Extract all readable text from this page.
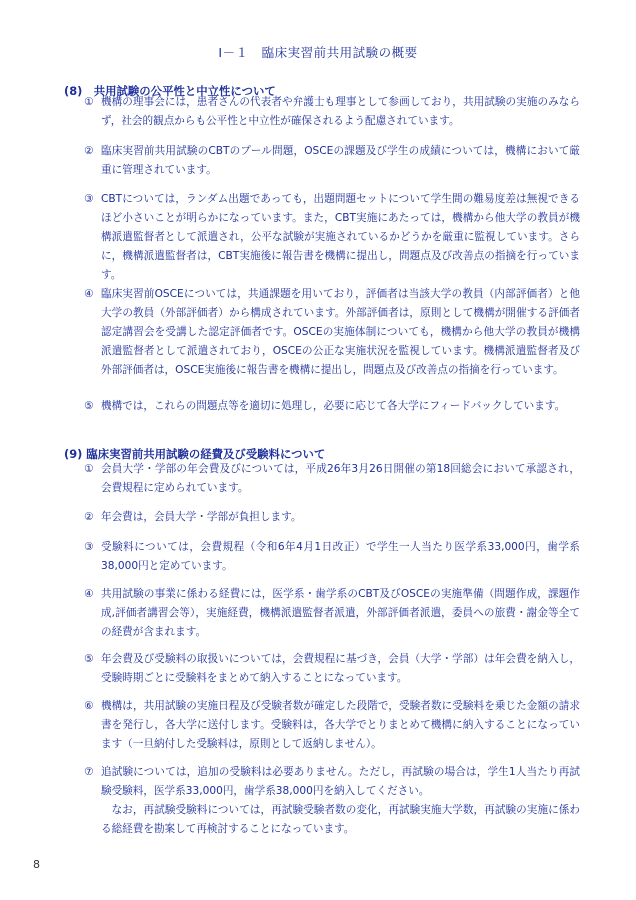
Ⅰ－１　臨床実習前共用試験の概要
(8)　共用試験の公平性と中立性について
① 機構の理事会には，患者さんの代表者や弁護士も理事として参画しており，共用試験の実施のみならず，社会的観点からも公平性と中立性が確保されるよう配慮されています。

② 臨床実習前共用試験のCBTのプール問題，OSCEの課題及び学生の成績については，機構において厳重に管理されています。

③ CBTについては，ランダム出題であっても，出題問題セットについて学生間の難易度差は無視できるほど小さいことが明らかになっています。また，CBT実施にあたっては，機構から他大学の教員が機構派遣監督者として派遣され，公平な試験が実施されているかどうかを厳重に監視しています。さらに，機構派遣監督者は，CBT実施後に報告書を機構に提出し，問題点及び改善点の指摘を行っています。

④ 臨床実習前OSCEについては，共通課題を用いており，評価者は当該大学の教員（内部評価者）と他大学の教員（外部評価者）から構成されています。外部評価者は，原則として機構が開催する評価者認定講習会を受講した認定評価者です。OSCEの実施体制についても，機構から他大学の教員が機構派遣監督者として派遣されており，OSCEの公正な実施状況を監視しています。機構派遣監督者及び外部評価者は，OSCE実施後に報告書を機構に提出し，問題点及び改善点の指摘を行っています。

⑤ 機構では，これらの問題点等を適切に処理し，必要に応じて各大学にフィードバックしています。

(9) 臨床実習前共用試験の経費及び受験料について
① 会員大学・学部の年会費及びについては，平成26年3月26日開催の第18回総会において承認され，会費規程に定められています。

② 年会費は，会員大学・学部が負担します。

③ 受験料については，会費規程（令和6年4月1日改正）で学生一人当たり医学系33,000円，歯学系38,000円と定めています。

④ 共用試験の事業に係わる経費には，医学系・歯学系のCBT及びOSCEの実施準備（問題作成，課題作成,評価者講習会等），実施経費，機構派遣監督者派遣，外部評価者派遣，委員への旅費・謝金等全ての経費が含まれます。

⑤ 年会費及び受験料の取扱いについては，会費規程に基づき，会員（大学・学部）は年会費を納入し，受験時期ごとに受験料をまとめて納入することになっています。

⑥ 機構は，共用試験の実施日程及び受験者数が確定した段階で，受験者数に受験料を乗じた金額の請求書を発行し，各大学に送付します。受験料は，各大学でとりまとめて機構に納入することになっています（一旦納付した受験料は，原則として返納しません）。

⑦ 追試験については，追加の受験料は必要ありません。ただし，再試験の場合は，学生1人当たり再試験受験料，医学系33,000円，歯学系38,000円を納入してください。

なお，再試験受験料については，再試験受験者数の変化，再試験実施大学数，再試験の実施に係わる総経費を勘案して再検討することになっています。

8
